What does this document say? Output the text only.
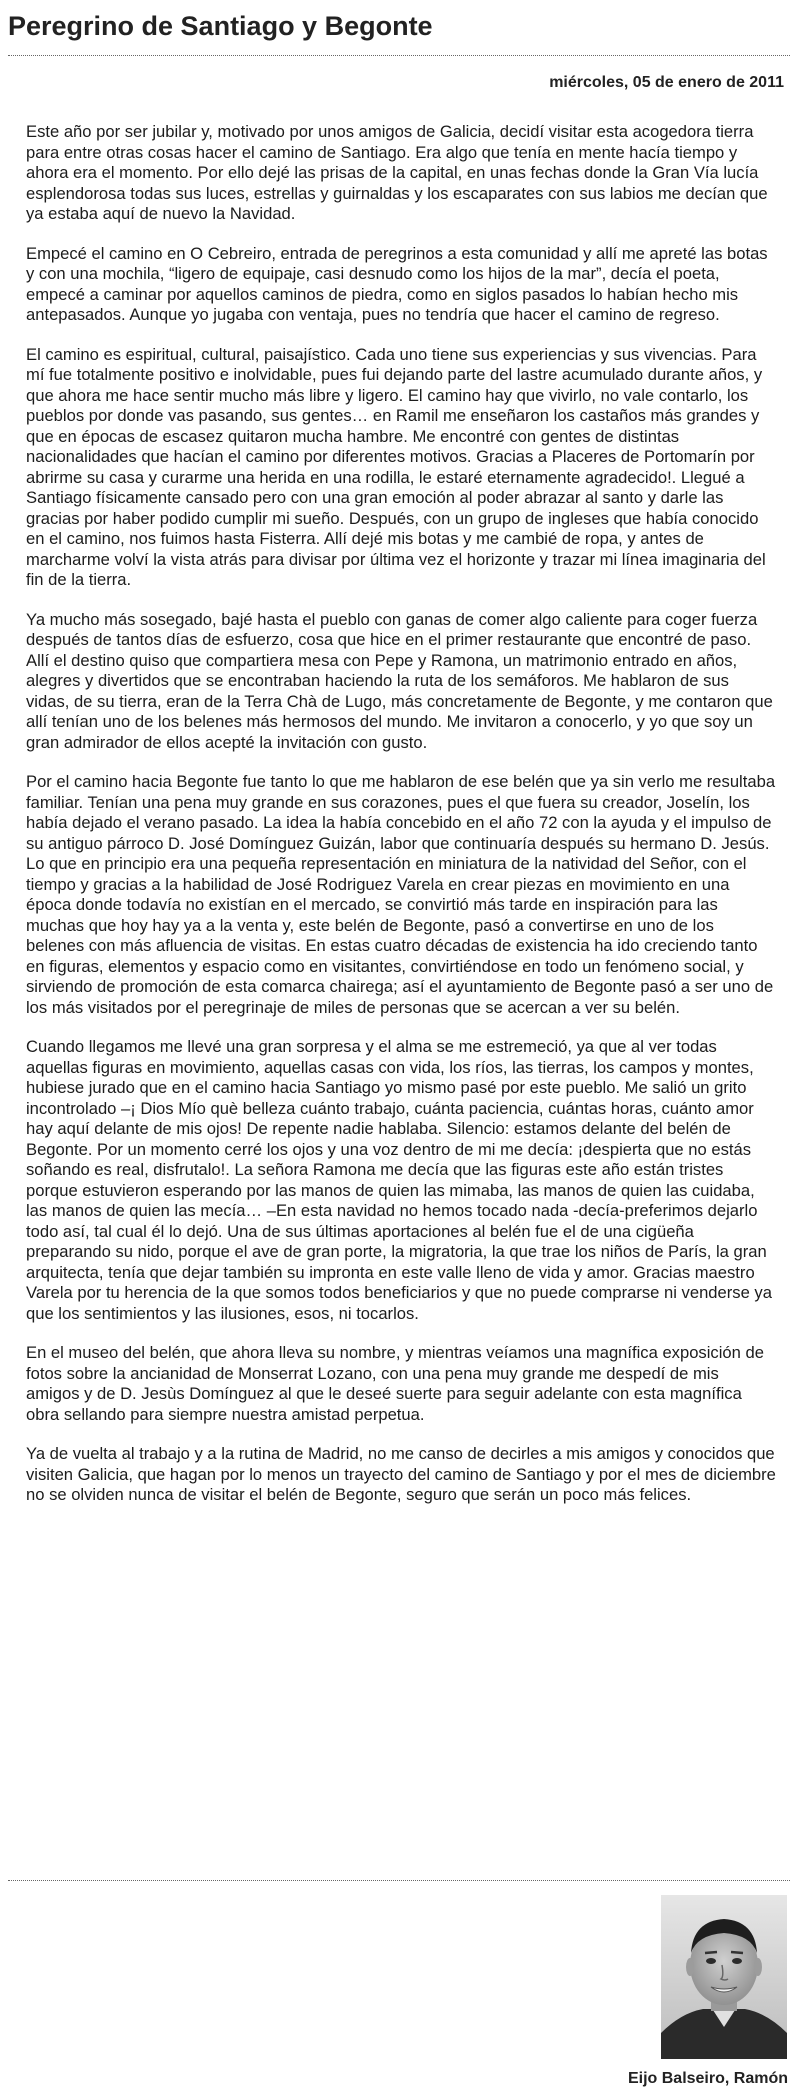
Peregrino de Santiago y Begonte
miércoles, 05 de enero de 2011

Este año por ser jubilar y, motivado por unos amigos de Galicia, decidí visitar esta acogedora tierra para entre otras cosas hacer el camino de Santiago. Era algo que tenía en mente hacía tiempo y ahora era el momento. Por ello dejé las prisas de la capital, en unas fechas donde la Gran Vía lucía esplendorosa todas sus luces, estrellas y guirnaldas y los escaparates con sus labios me decían que ya estaba aquí de nuevo la Navidad.

Empecé el camino en O Cebreiro, entrada de peregrinos a esta comunidad y allí me apreté las botas y con una mochila, “ligero de equipaje, casi desnudo como los hijos de la mar”, decía el poeta, empecé a caminar por aquellos caminos de piedra, como en siglos pasados lo habían hecho mis antepasados. Aunque yo jugaba con ventaja, pues no tendría que hacer el camino de regreso.

El camino es espiritual, cultural, paisajístico. Cada uno tiene sus experiencias y sus vivencias. Para mí fue totalmente positivo e inolvidable, pues fui dejando parte del lastre acumulado durante años, y que ahora me hace sentir mucho más libre y ligero. El camino hay que vivirlo, no vale contarlo, los pueblos por donde vas pasando, sus gentes… en Ramil me enseñaron los castaños más grandes y que en épocas de escasez quitaron mucha hambre. Me encontré con gentes de distintas nacionalidades que hacían el camino por diferentes motivos. Gracias a Placeres de Portomarín por abrirme su casa y curarme una herida en una rodilla, le estaré eternamente agradecido!. Llegué a Santiago físicamente cansado pero con una gran emoción al poder abrazar al santo y darle las gracias por haber podido cumplir mi sueño. Después, con un grupo de ingleses que había conocido en el camino, nos fuimos hasta Fisterra. Allí dejé mis botas y me cambié de ropa, y antes de marcharme volví la vista atrás para divisar por última vez el horizonte y trazar mi línea imaginaria del fin de la tierra.

Ya mucho más sosegado, bajé hasta el pueblo con ganas de comer algo caliente para coger fuerza después de tantos días de esfuerzo, cosa que hice en el primer restaurante que encontré de paso. Allí el destino quiso que compartiera mesa con Pepe y Ramona, un matrimonio entrado en años, alegres y divertidos que se encontraban haciendo la ruta de los semáforos. Me hablaron de sus vidas, de su tierra, eran de la Terra Chà de Lugo, más concretamente de Begonte, y me contaron que allí tenían uno de los belenes más hermosos del mundo. Me invitaron a conocerlo, y yo que soy un gran admirador de ellos acepté la invitación con gusto.

Por el camino hacia Begonte fue tanto lo que me hablaron de ese belén que ya sin verlo me resultaba familiar. Tenían una pena muy grande en sus corazones, pues el que fuera su creador, Joselín, los había dejado el verano pasado. La idea la había concebido en el año 72 con la ayuda y el impulso de su antiguo párroco D. José Domínguez Guizán, labor que continuaría después su hermano D. Jesús. Lo que en principio era una pequeña representación en miniatura de la natividad del Señor, con el tiempo y gracias a la habilidad de José Rodriguez Varela en crear piezas en movimiento en una época donde todavía no existían en el mercado, se convirtió más tarde en inspiración para las muchas que hoy hay ya a la venta y, este belén de Begonte, pasó a convertirse en uno de los belenes con más afluencia de visitas. En estas cuatro décadas de existencia ha ido creciendo tanto en figuras, elementos y espacio como en visitantes, convirtiéndose en todo un fenómeno social, y sirviendo de promoción de esta comarca chairega; así el ayuntamiento de Begonte pasó a ser uno de los más visitados por el peregrinaje de miles de personas que se acercan a ver su belén.

Cuando llegamos me llevé una gran sorpresa y el alma se me estremeció, ya que al ver todas aquellas figuras en movimiento, aquellas casas con vida, los ríos, las tierras, los campos y montes, hubiese jurado que en el camino hacia Santiago yo mismo pasé por este pueblo. Me salió un grito incontrolado –¡ Dios Mío què belleza cuánto trabajo, cuánta paciencia, cuántas horas, cuánto amor hay aquí delante de mis ojos! De repente nadie hablaba. Silencio: estamos delante del belén de Begonte. Por un momento cerré los ojos y una voz dentro de mi me decía: ¡despierta que no estás soñando es real, disfrutalo!. La señora Ramona me decía que las figuras este año están tristes porque estuvieron esperando por las manos de quien las mimaba, las manos de quien las cuidaba, las manos de quien las mecía… –En esta navidad no hemos tocado nada -decía-preferimos dejarlo todo así, tal cual él lo dejó. Una de sus últimas aportaciones al belén fue el de una cigüeña preparando su nido, porque el ave de gran porte, la migratoria, la que trae los niños de París, la gran arquitecta, tenía que dejar también su impronta en este valle lleno de vida y amor. Gracias maestro Varela por tu herencia de la que somos todos beneficiarios y que no puede comprarse ni venderse ya que los sentimientos y las ilusiones, esos, ni tocarlos.

En el museo del belén, que ahora lleva su nombre, y mientras veíamos una magnífica exposición de fotos sobre la ancianidad de Monserrat Lozano, con una pena muy grande me despedí de mis amigos y de D. Jesùs Domínguez al que le deseé suerte para seguir adelante con esta magnífica obra sellando para siempre nuestra amistad perpetua.

Ya de vuelta al trabajo y a la rutina de Madrid, no me canso de decirles a mis amigos y conocidos que visiten Galicia, que hagan por lo menos un trayecto del camino de Santiago y por el mes de diciembre no se olviden nunca de visitar el belén de Begonte, seguro que serán un poco más felices.

Eijo Balseiro, Ramón
